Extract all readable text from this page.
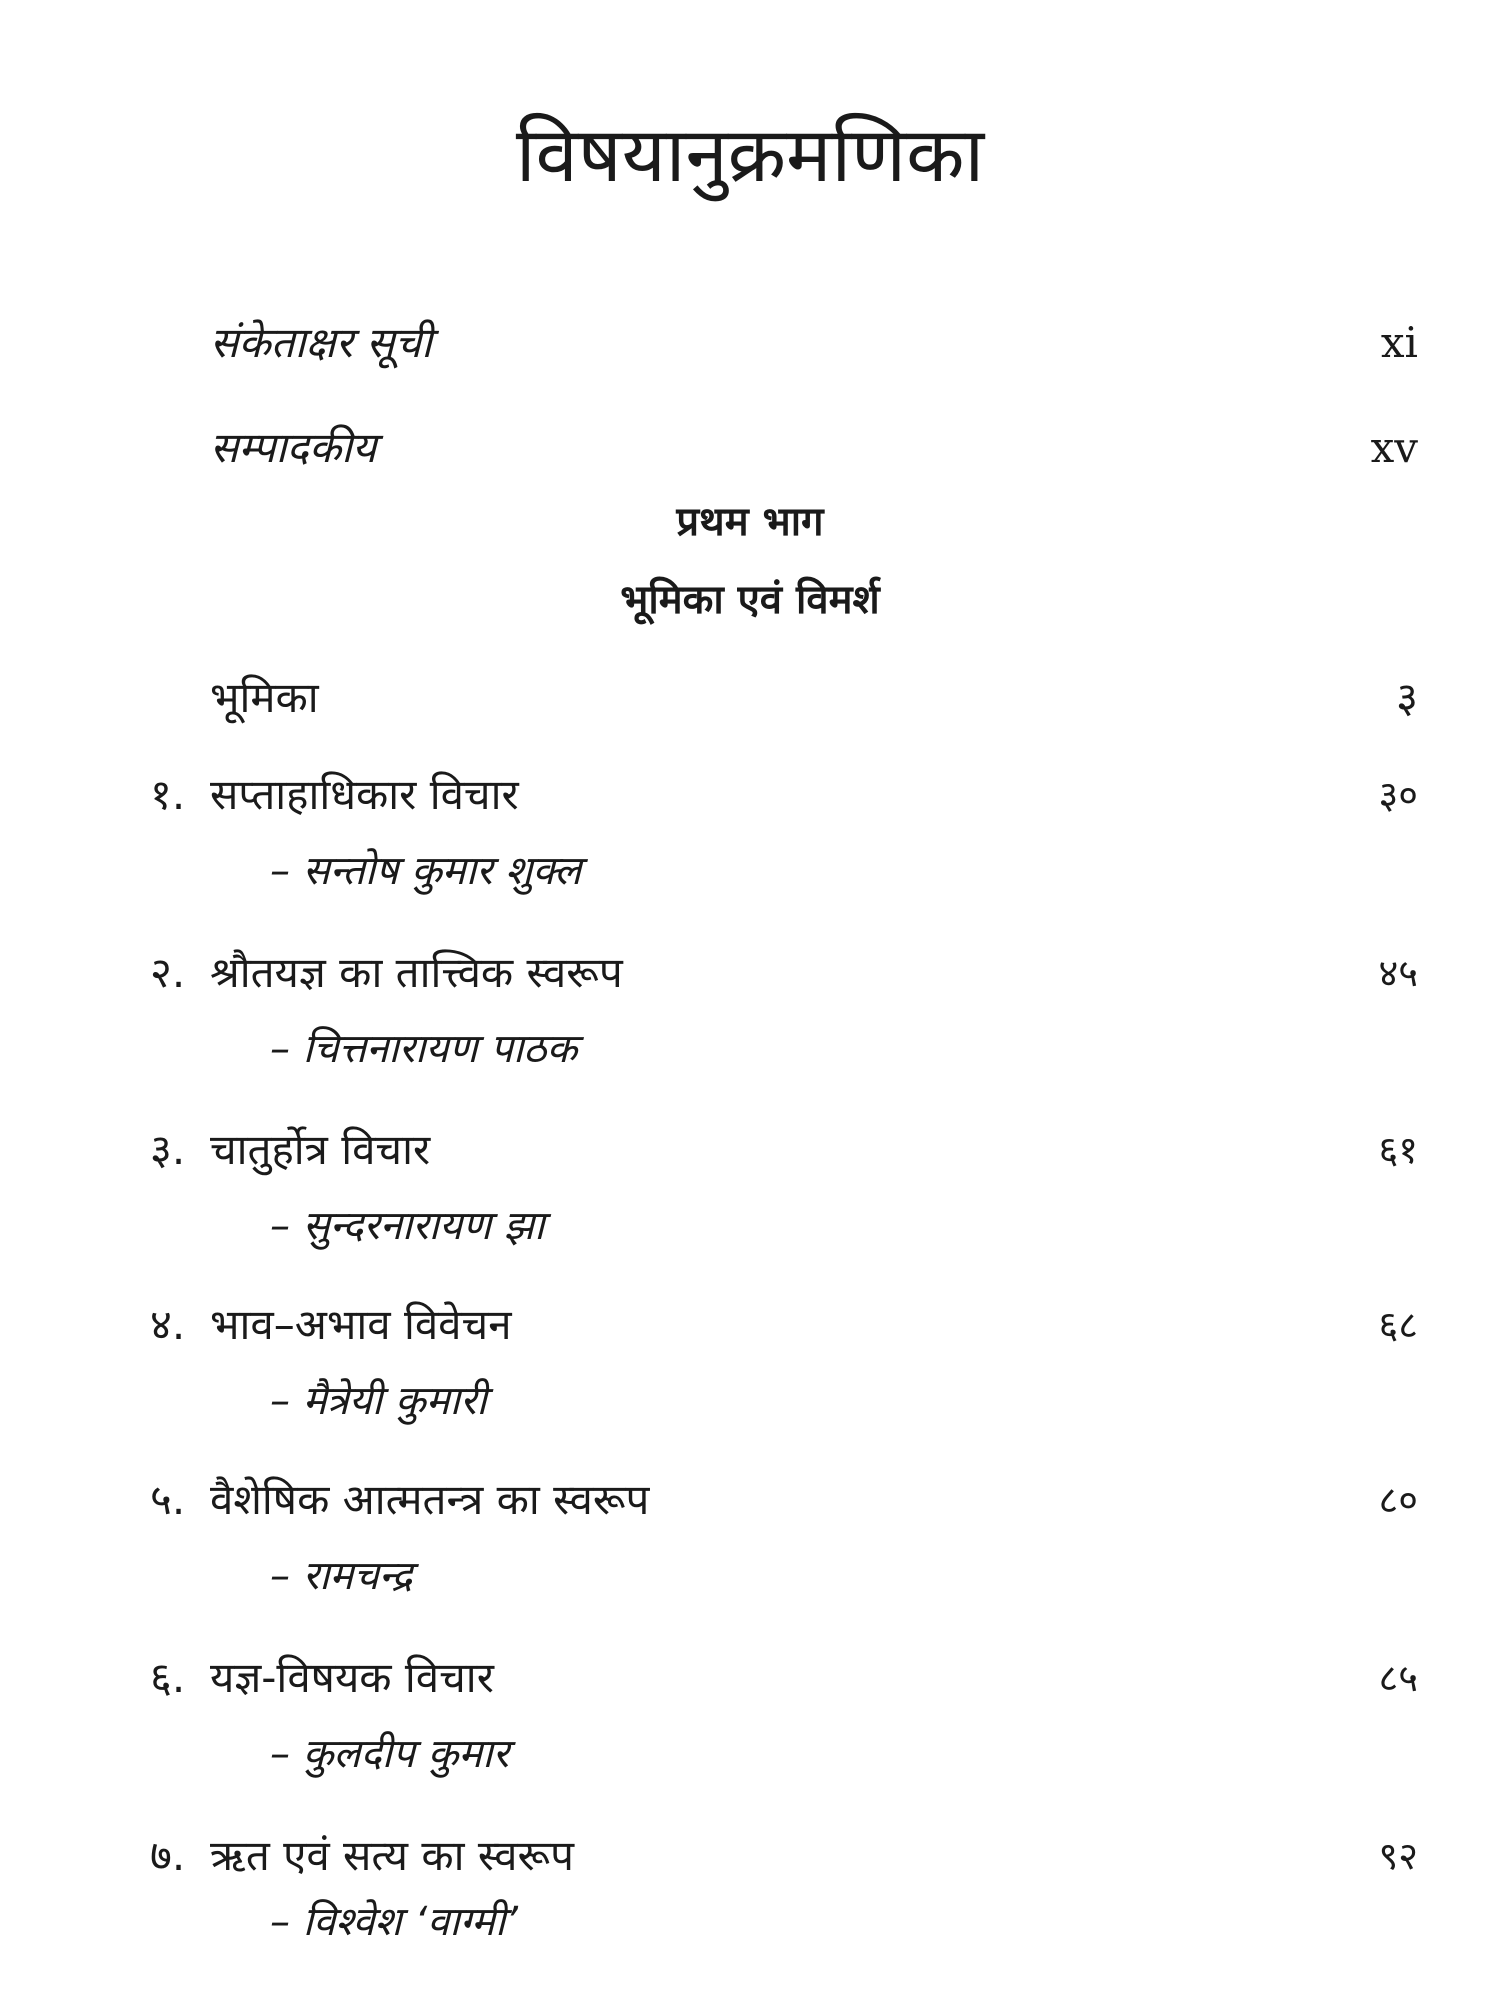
विषयानुक्रमणिका
संकेताक्षर सूची	xi
सम्पादकीय	xv
प्रथम भाग
भूमिका एवं विमर्श
भूमिका	३
१. सप्ताहाधिकार विचार	३०
– सन्तोष कुमार शुक्ल
२. श्रौतयज्ञ का तात्त्विक स्वरूप	४५
– चित्तनारायण पाठक
३. चातुर्होत्र विचार	६१
– सुन्दरनारायण झा
४. भाव–अभाव विवेचन	६८
– मैत्रेयी कुमारी
५. वैशेषिक आत्मतन्त्र का स्वरूप	८०
– रामचन्द्र
६. यज्ञ-विषयक विचार	८५
– कुलदीप कुमार
७. ऋत एवं सत्य का स्वरूप	९२
– विश्वेश ‘वाग्मी’
